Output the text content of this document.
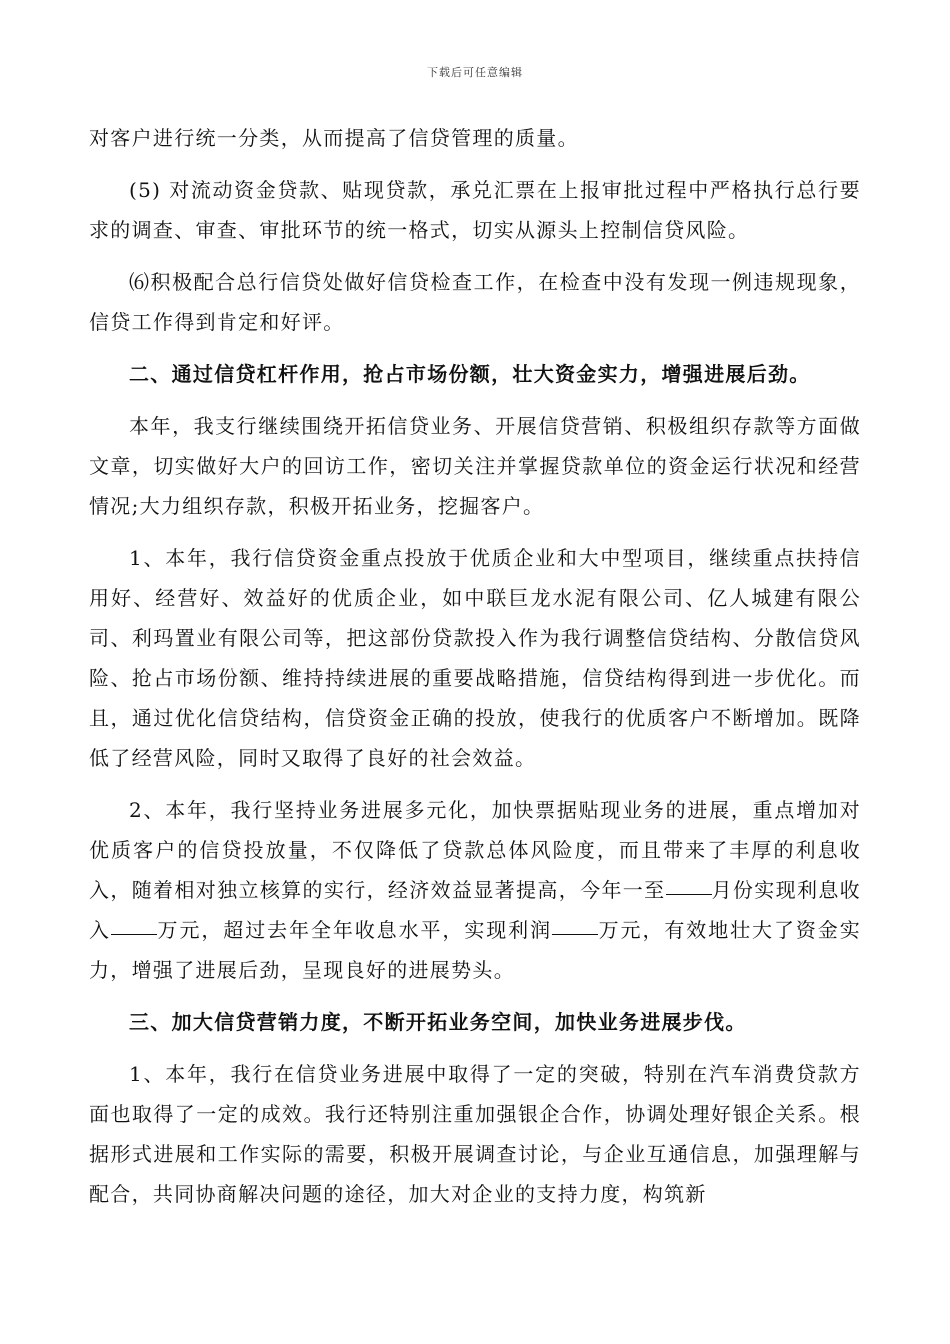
下载后可任意编辑

对客户进行统一分类，从而提高了信贷管理的质量。

(5) 对流动资金贷款、贴现贷款，承兑汇票在上报审批过程中严格执行总行要求的调查、审查、审批环节的统一格式，切实从源头上控制信贷风险。

⑹积极配合总行信贷处做好信贷检查工作，在检查中没有发现一例违规现象，信贷工作得到肯定和好评。

二、通过信贷杠杆作用，抢占市场份额，壮大资金实力，增强进展后劲。

本年，我支行继续围绕开拓信贷业务、开展信贷营销、积极组织存款等方面做文章，切实做好大户的回访工作，密切关注并掌握贷款单位的资金运行状况和经营情况;大力组织存款，积极开拓业务，挖掘客户。

1、本年，我行信贷资金重点投放于优质企业和大中型项目，继续重点扶持信用好、经营好、效益好的优质企业，如中联巨龙水泥有限公司、亿人城建有限公司、利玛置业有限公司等，把这部份贷款投入作为我行调整信贷结构、分散信贷风险、抢占市场份额、维持持续进展的重要战略措施，信贷结构得到进一步优化。而且，通过优化信贷结构，信贷资金正确的投放，使我行的优质客户不断增加。既降低了经营风险，同时又取得了良好的社会效益。

2、本年，我行坚持业务进展多元化，加快票据贴现业务的进展，重点增加对优质客户的信贷投放量，不仅降低了贷款总体风险度，而且带来了丰厚的利息收入，随着相对独立核算的实行，经济效益显著提高，今年一至 月份实现利息收入 万元，超过去年全年收息水平，实现利润 万元，有效地壮大了资金实力，增强了进展后劲，呈现良好的进展势头。

三、加大信贷营销力度，不断开拓业务空间，加快业务进展步伐。

1、本年，我行在信贷业务进展中取得了一定的突破，特别在汽车消费贷款方面也取得了一定的成效。我行还特别注重加强银企合作，协调处理好银企关系。根据形式进展和工作实际的需要，积极开展调查讨论，与企业互通信息，加强理解与配合，共同协商解决问题的途径，加大对企业的支持力度，构筑新
